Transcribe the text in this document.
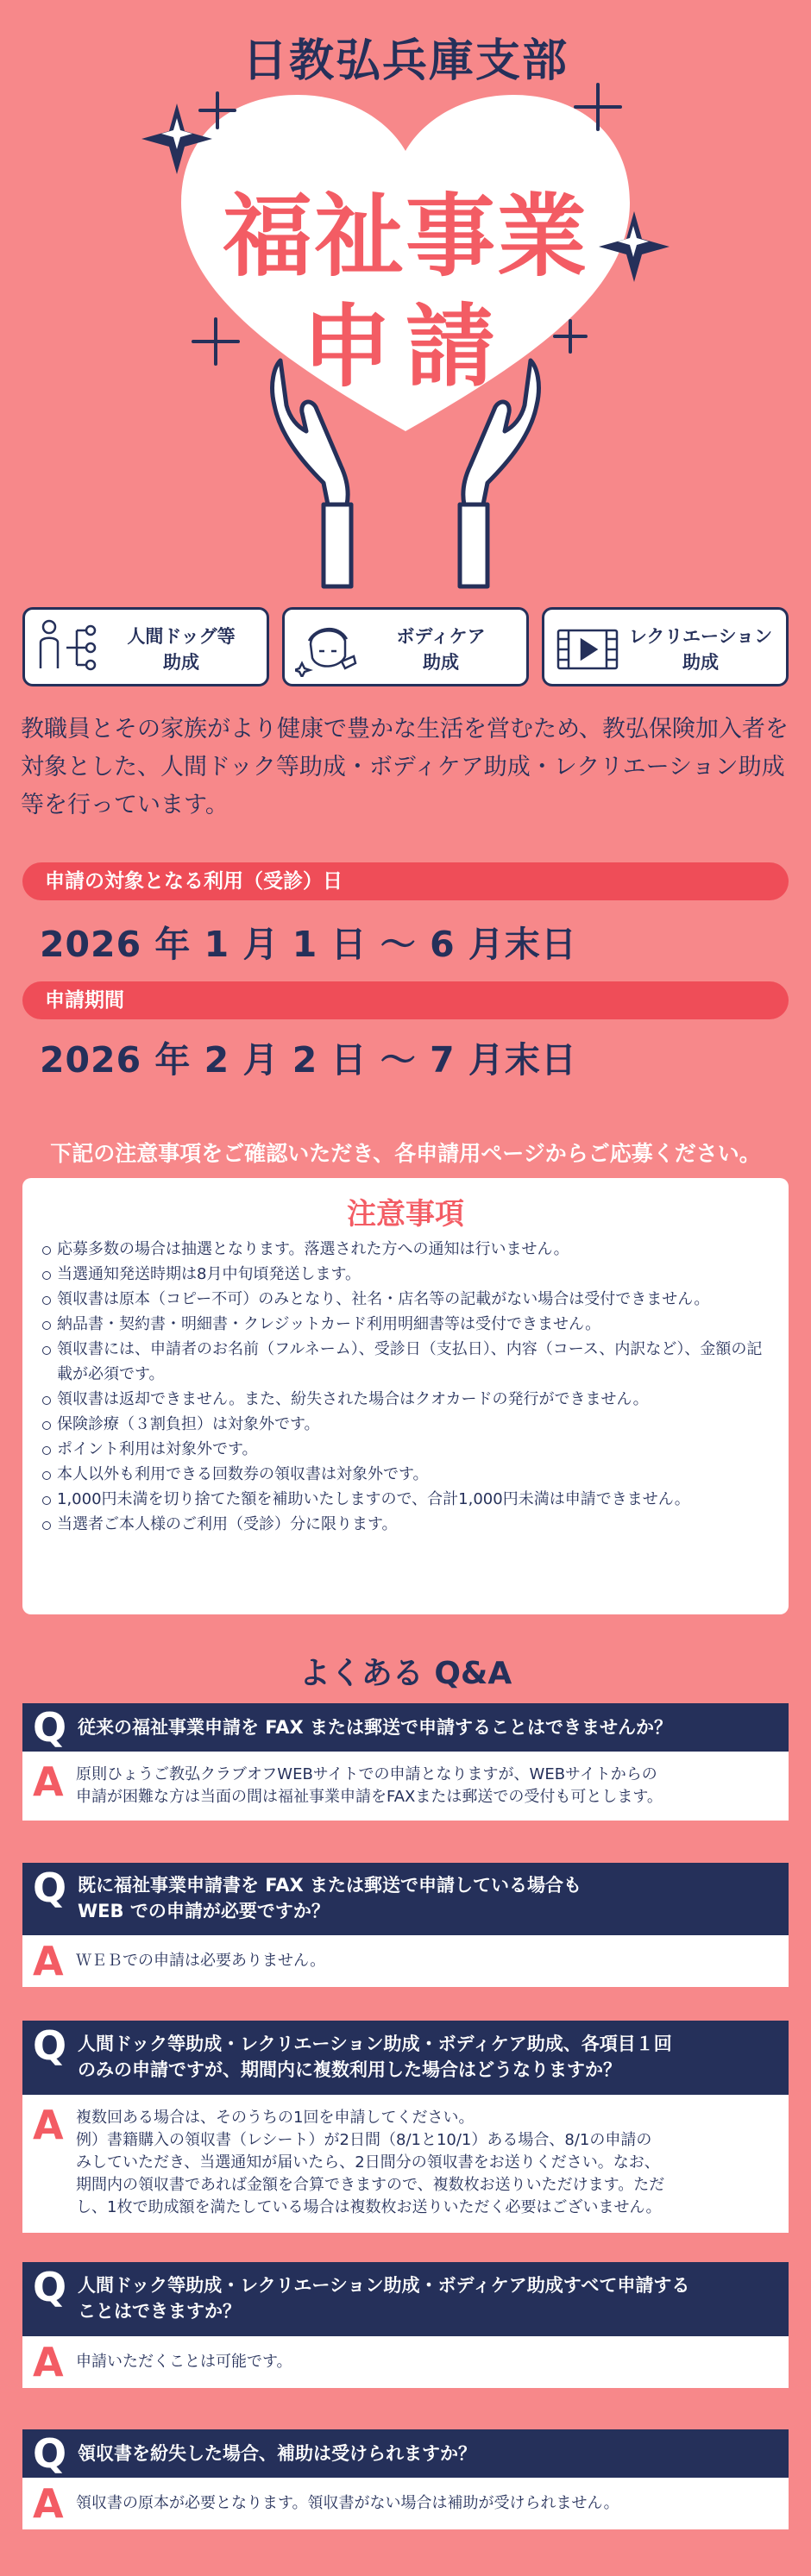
日教弘兵庫支部
福祉事業
申請
人間ドッグ等
助成
ボディケア
助成
レクリエーション
助成

教職員とその家族がより健康で豊かな生活を営むため、教弘保険加入者を対象とした、人間ドック等助成・ボディケア助成・レクリエーション助成等を行っています。

申請の対象となる利用（受診）日
2026 年 1 月 1 日 〜 6 月末日
申請期間
2026 年 2 月 2 日 〜 7 月末日
下記の注意事項をご確認いただき、各申請用ページからご応募ください。
注意事項
応募多数の場合は抽選となります。落選された方への通知は行いません。
当選通知発送時期は8月中旬頃発送します。
領収書は原本（コピー不可）のみとなり、社名・店名等の記載がない場合は受付できません。
納品書・契約書・明細書・クレジットカード利用明細書等は受付できません。
領収書には、申請者のお名前（フルネーム）、受診日（支払日）、内容（コース、内訳など）、金額の記載が必須です。
領収書は返却できません。また、紛失された場合はクオカードの発行ができません。
保険診療（３割負担）は対象外です。
ポイント利用は対象外です。
本人以外も利用できる回数券の領収書は対象外です。
1,000円未満を切り捨てた額を補助いたしますので、合計1,000円未満は申請できません。
当選者ご本人様のご利用（受診）分に限ります。
よくある Q&A
Q 従来の福祉事業申請を FAX または郵送で申請することはできませんか？
A 原則ひょうご教弘クラブオフWEBサイトでの申請となりますが、WEBサイトからの
申請が困難な方は当面の間は福祉事業申請をFAXまたは郵送での受付も可とします。
Q 既に福祉事業申請書を FAX または郵送で申請している場合も
WEB での申請が必要ですか？
A ＷＥＢでの申請は必要ありません。
Q 人間ドック等助成・レクリエーション助成・ボディケア助成、各項目１回
のみの申請ですが、期間内に複数利用した場合はどうなりますか？
A 複数回ある場合は、そのうちの1回を申請してください。
例）書籍購入の領収書（レシート）が2日間（8/1と10/1）ある場合、8/1の申請の
みしていただき、当選通知が届いたら、2日間分の領収書をお送りください。なお、
期間内の領収書であれば金額を合算できますので、複数枚お送りいただけます。ただ
し、1枚で助成額を満たしている場合は複数枚お送りいただく必要はございません。
Q 人間ドック等助成・レクリエーション助成・ボディケア助成すべて申請する
ことはできますか？
A 申請いただくことは可能です。
Q 領収書を紛失した場合、補助は受けられますか？
A 領収書の原本が必要となります。領収書がない場合は補助が受けられません。
